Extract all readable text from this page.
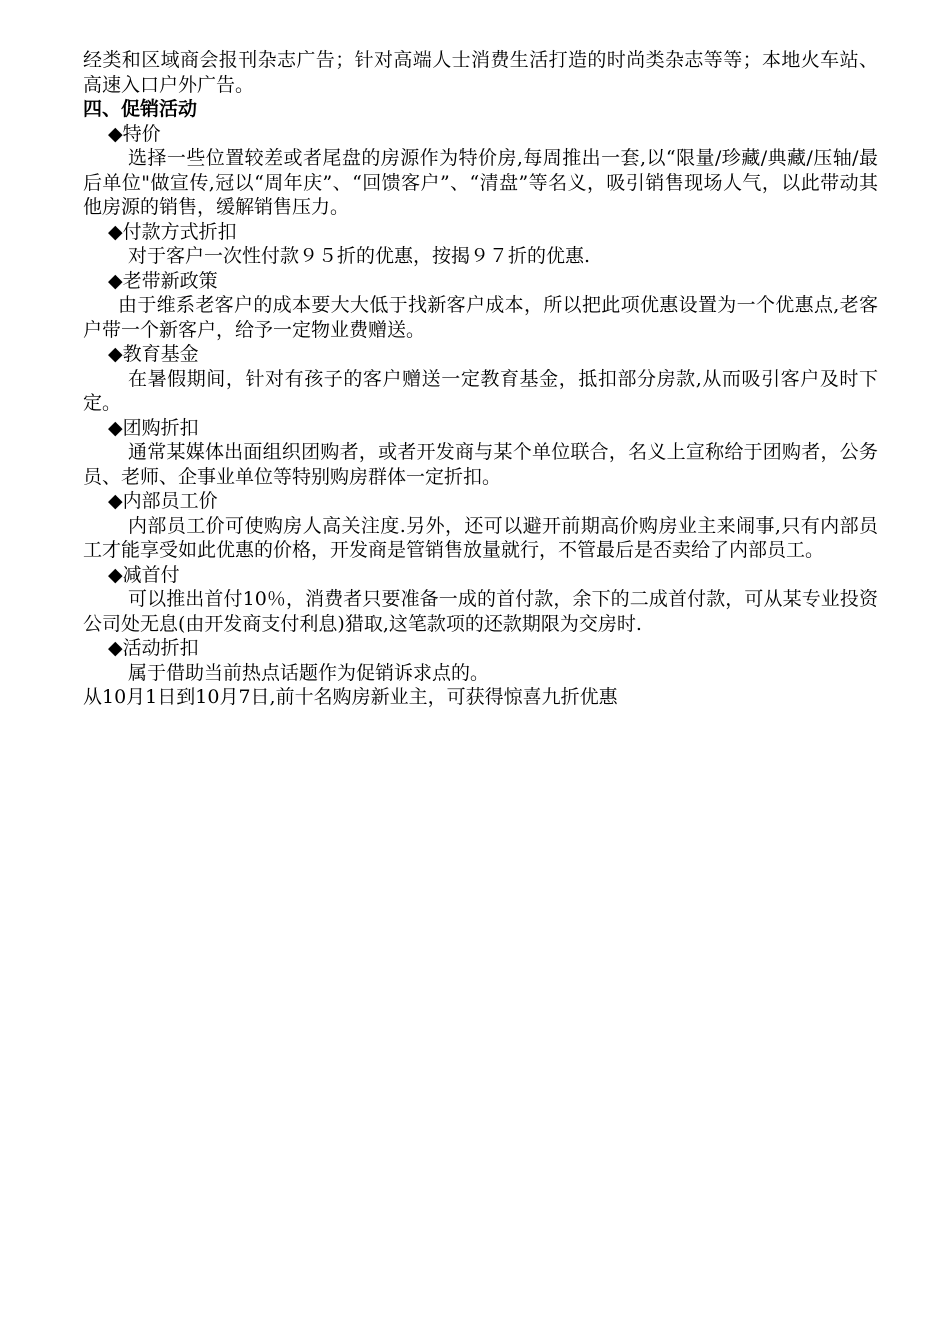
经类和区域商会报刊杂志广告；针对高端人士消费生活打造的时尚类杂志等等；本地火车站、高速入口户外广告。

四、促销活动

◆特价

选择一些位置较差或者尾盘的房源作为特价房,每周推出一套,以“限量/珍藏/典藏/压轴/最后单位"做宣传,冠以“周年庆”、“回馈客户”、“清盘”等名义，吸引销售现场人气，以此带动其他房源的销售，缓解销售压力。

◆付款方式折扣

对于客户一次性付款９５折的优惠，按揭９７折的优惠.

◆老带新政策

由于维系老客户的成本要大大低于找新客户成本，所以把此项优惠设置为一个优惠点,老客户带一个新客户，给予一定物业费赠送。

◆教育基金

在暑假期间，针对有孩子的客户赠送一定教育基金，抵扣部分房款,从而吸引客户及时下定。

◆团购折扣

通常某媒体出面组织团购者，或者开发商与某个单位联合，名义上宣称给于团购者，公务员、老师、企事业单位等特别购房群体一定折扣。

◆内部员工价

内部员工价可使购房人高关注度.另外，还可以避开前期高价购房业主来闹事,只有内部员工才能享受如此优惠的价格，开发商是管销售放量就行，不管最后是否卖给了内部员工。

◆减首付

可以推出首付10％，消费者只要准备一成的首付款，余下的二成首付款，可从某专业投资公司处无息(由开发商支付利息)猎取,这笔款项的还款期限为交房时.

◆活动折扣

属于借助当前热点话题作为促销诉求点的。

从10月1日到10月7日,前十名购房新业主，可获得惊喜九折优惠
